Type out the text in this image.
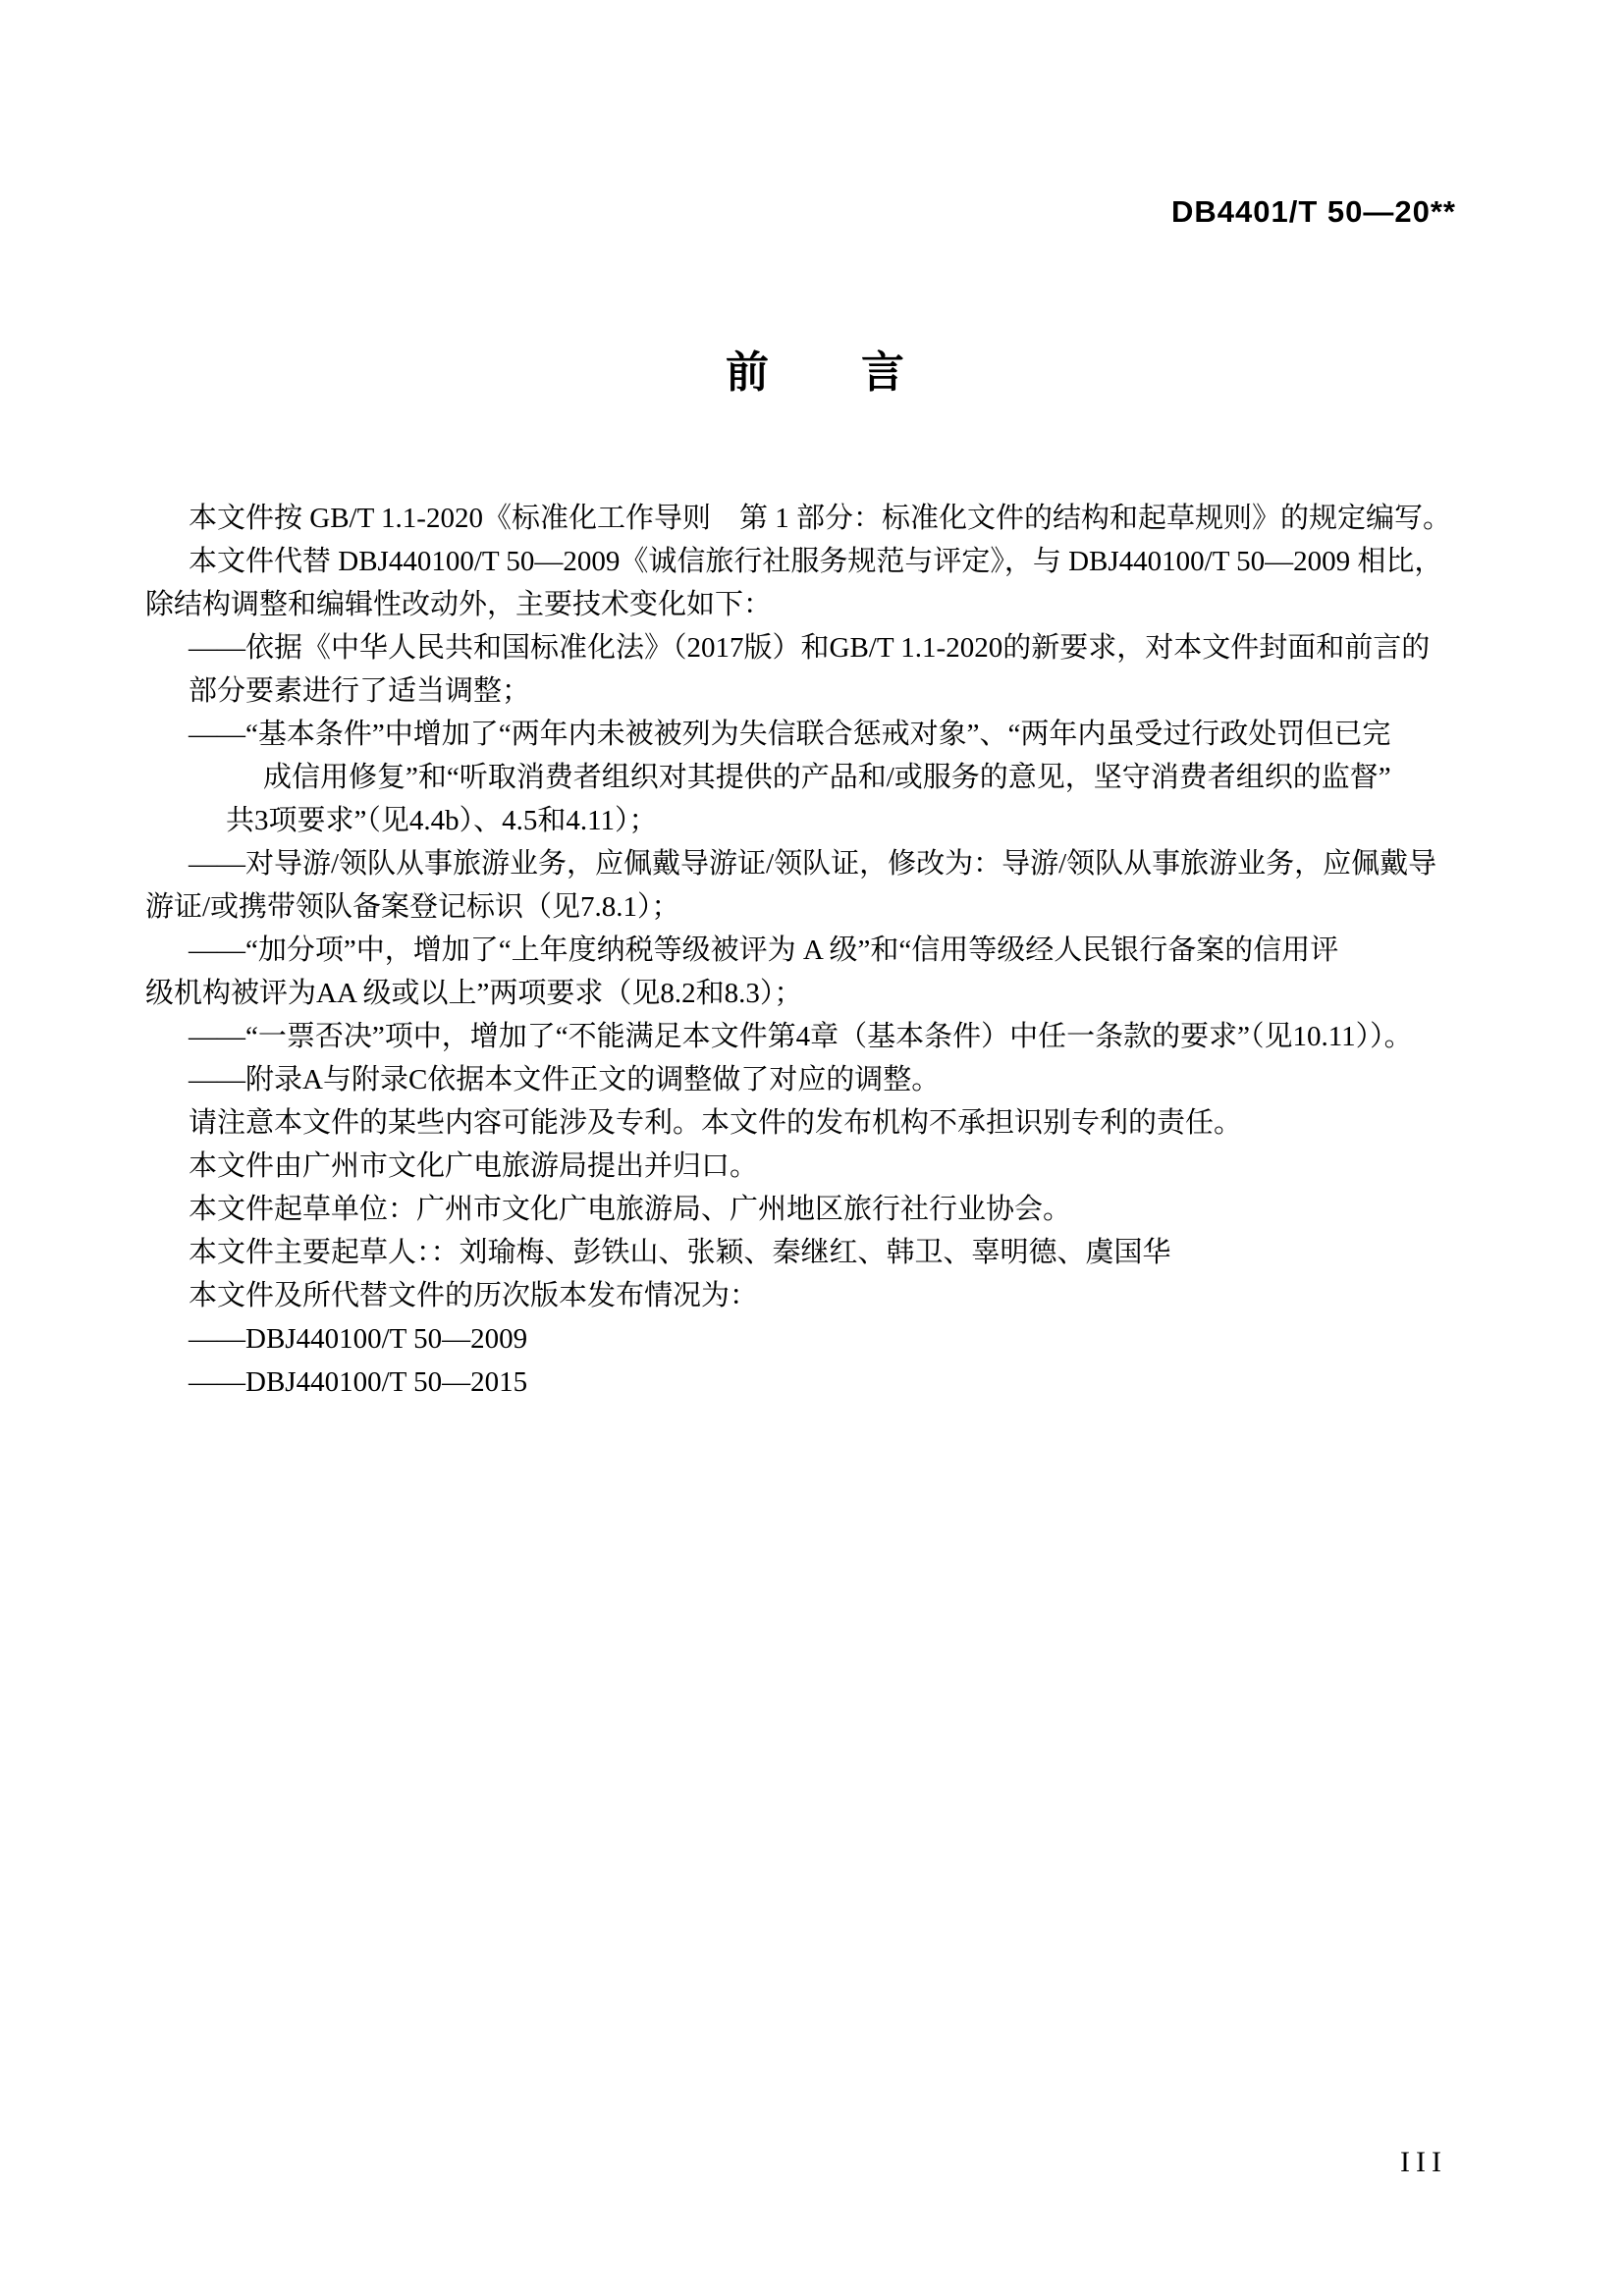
DB4401/T 50—20**
前　　言
本文件按 GB/T 1.1-2020《标准化工作导则　第 1 部分：标准化文件的结构和起草规则》的规定编写。
本文件代替 DBJ440100/T 50—2009《诚信旅行社服务规范与评定》，与 DBJ440100/T 50—2009 相比，
除结构调整和编辑性改动外，主要技术变化如下：
——依据《中华人民共和国标准化法》（2017版）和GB/T 1.1-2020的新要求，对本文件封面和前言的
部分要素进行了适当调整；
——“基本条件”中增加了“两年内未被被列为失信联合惩戒对象”、“两年内虽受过行政处罚但已完
成信用修复”和“听取消费者组织对其提供的产品和/或服务的意见，坚守消费者组织的监督”
共3项要求”（见4.4b）、4.5和4.11）；
——对导游/领队从事旅游业务，应佩戴导游证/领队证，修改为：导游/领队从事旅游业务，应佩戴导
游证/或携带领队备案登记标识（见7.8.1）；
——“加分项”中，增加了“上年度纳税等级被评为 A 级”和“信用等级经人民银行备案的信用评
级机构被评为AA 级或以上”两项要求（见8.2和8.3）；
——“一票否决”项中，增加了“不能满足本文件第4章（基本条件）中任一条款的要求”（见10.11））。
——附录A与附录C依据本文件正文的调整做了对应的调整。
请注意本文件的某些内容可能涉及专利。本文件的发布机构不承担识别专利的责任。
本文件由广州市文化广电旅游局提出并归口。
本文件起草单位：广州市文化广电旅游局、广州地区旅行社行业协会。
本文件主要起草人：：刘瑜梅、彭铁山、张颖、秦继红、韩卫、辜明德、虞国华
本文件及所代替文件的历次版本发布情况为：
——DBJ440100/T 50—2009
——DBJ440100/T 50—2015
III
